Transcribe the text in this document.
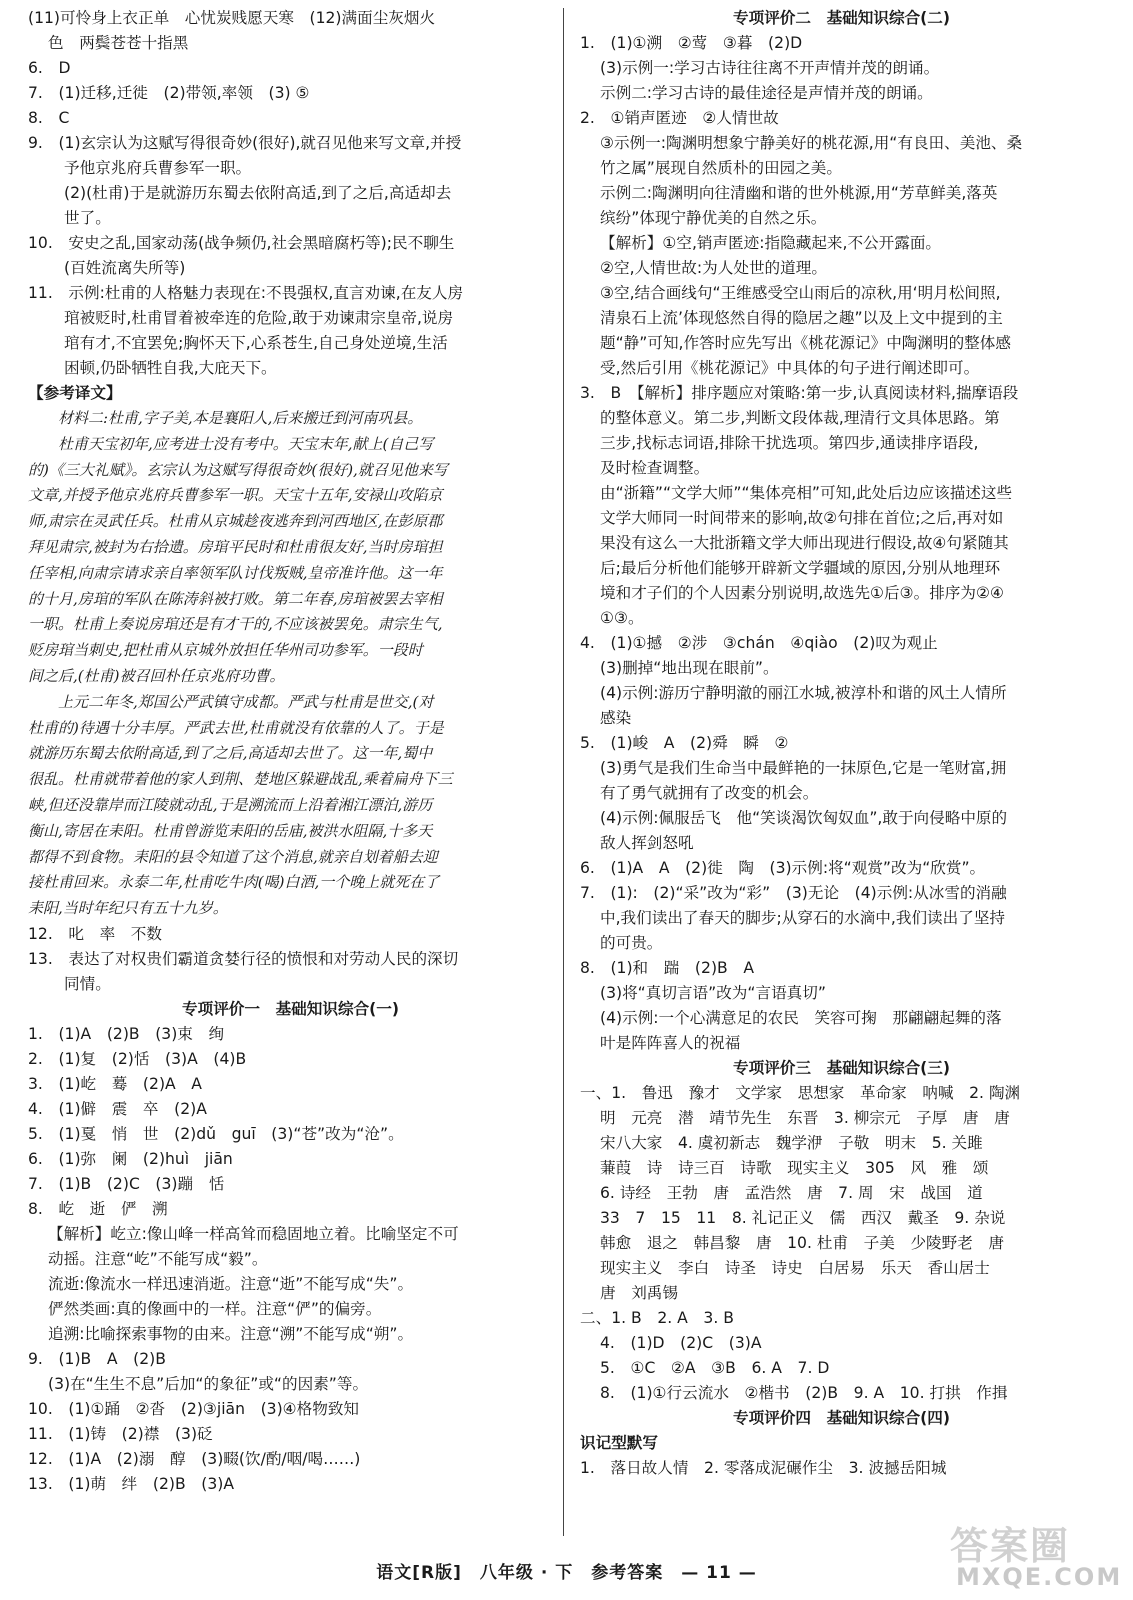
(11)可怜身上衣正单　心忧炭贱愿天寒　(12)满面尘灰烟火
色　两鬓苍苍十指黑
6.　D
7.　(1)迁移,迁徙　(2)带领,率领　(3) ⑤
8.　C
9.　(1)玄宗认为这赋写得很奇妙(很好),就召见他来写文章,并授
予他京兆府兵曹参军一职。
(2)(杜甫)于是就游历东蜀去依附高适,到了之后,高适却去
世了。
10.　安史之乱,国家动荡(战争频仍,社会黑暗腐朽等);民不聊生
(百姓流离失所等)
11.　示例:杜甫的人格魅力表现在:不畏强权,直言劝谏,在友人房
琯被贬时,杜甫冒着被牵连的危险,敢于劝谏肃宗皇帝,说房
琯有才,不宜罢免;胸怀天下,心系苍生,自己身处逆境,生活
困顿,仍卧牺牲自我,大庇天下。
【参考译文】
材料二:杜甫,字子美,本是襄阳人,后来搬迁到河南巩县。
杜甫天宝初年,应考进士没有考中。天宝末年,献上(自己写
的)《三大礼赋》。玄宗认为这赋写得很奇妙(很好),就召见他来写
文章,并授予他京兆府兵曹参军一职。天宝十五年,安禄山攻陷京
师,肃宗在灵武任兵。杜甫从京城趁夜逃奔到河西地区,在彭原郡
拜见肃宗,被封为右拾遗。房琯平民时和杜甫很友好,当时房琯担
任宰相,向肃宗请求亲自率领军队讨伐叛贼,皇帝准许他。这一年
的十月,房琯的军队在陈涛斜被打败。第二年春,房琯被罢去宰相
一职。杜甫上奏说房琯还是有才干的,不应该被罢免。肃宗生气,
贬房琯当刺史,把杜甫从京城外放担任华州司功参军。一段时
间之后,(杜甫)被召回朴任京兆府功曹。
上元二年冬,郑国公严武镇守成都。严武与杜甫是世交,(对
杜甫的)待遇十分丰厚。严武去世,杜甫就没有依靠的人了。于是
就游历东蜀去依附高适,到了之后,高适却去世了。这一年,蜀中
很乱。杜甫就带着他的家人到荆、楚地区躲避战乱,乘着扁舟下三
峡,但还没靠岸而江陵就动乱,于是溯流而上沿着湘江漂泊,游历
衡山,寄居在耒阳。杜甫曾游览耒阳的岳庙,被洪水阻隔,十多天
都得不到食物。耒阳的县令知道了这个消息,就亲自划着船去迎
接杜甫回来。永泰二年,杜甫吃牛肉(喝)白酒,一个晚上就死在了
耒阳,当时年纪只有五十九岁。
12.　叱　率　不数
13.　表达了对权贵们霸道贪婪行径的愤恨和对劳动人民的深切
同情。
专项评价一　基础知识综合(一)
1.　(1)A　(2)B　(3)束　绚
2.　(1)复　(2)恬　(3)A　(4)B
3.　(1)屹　蓦　(2)A　A
4.　(1)僻　震　卒　(2)A
5.　(1)戛　悄　世　(2)dǔ　guī　(3)“苍”改为“沧”。
6.　(1)弥　阑　(2)huì　jiān
7.　(1)B　(2)C　(3)蹦　恬
8.　屹　逝　俨　溯
【解析】屹立:像山峰一样高耸而稳固地立着。比喻坚定不可
动摇。注意“屹”不能写成“毅”。
流逝:像流水一样迅速消逝。注意“逝”不能写成“失”。
俨然类画:真的像画中的一样。注意“俨”的偏旁。
追溯:比喻探索事物的由来。注意“溯”不能写成“朔”。
9.　(1)B　A　(2)B
(3)在“生生不息”后加“的象征”或“的因素”等。
10.　(1)①踊　②沓　(2)③jiān　(3)④格物致知
11.　(1)铸　(2)襟　(3)砭
12.　(1)A　(2)溺　醇　(3)畷(饮/酌/咽/喝……)
13.　(1)萌　绊　(2)B　(3)A
专项评价二　基础知识综合(二)
1.　(1)①溯　②莺　③暮　(2)D
(3)示例一:学习古诗往往离不开声情并茂的朗诵。
示例二:学习古诗的最佳途径是声情并茂的朗诵。
2.　①销声匿迹　②人情世故
③示例一:陶渊明想象宁静美好的桃花源,用“有良田、美池、桑
竹之属”展现自然质朴的田园之美。
示例二:陶渊明向往清幽和谐的世外桃源,用“芳草鲜美,落英
缤纷”体现宁静优美的自然之乐。
【解析】①空,销声匿迹:指隐藏起来,不公开露面。
②空,人情世故:为人处世的道理。
③空,结合画线句“王维感受空山雨后的凉秋,用‘明月松间照,
清泉石上流’体现悠然自得的隐居之趣”以及上文中提到的主
题“静”可知,作答时应先写出《桃花源记》中陶渊明的整体感
受,然后引用《桃花源记》中具体的句子进行阐述即可。
3.　B　【解析】排序题应对策略:第一步,认真阅读材料,揣摩语段
的整体意义。第二步,判断文段体裁,理清行文具体思路。第
三步,找标志词语,排除干扰选项。第四步,通读排序语段,
及时检查调整。
由“浙籍”“文学大师”“集体亮相”可知,此处后边应该描述这些
文学大师同一时间带来的影响,故②句排在首位;之后,再对如
果没有这么一大批浙籍文学大师出现进行假设,故④句紧随其
后;最后分析他们能够开辟新文学疆域的原因,分别从地理环
境和才子们的个人因素分别说明,故选先①后③。排序为②④
①③。
4.　(1)①撼　②涉　③chán　④qiào　(2)叹为观止
(3)删掉“地出现在眼前”。
(4)示例:游历宁静明澈的丽江水城,被淳朴和谐的风土人情所
感染
5.　(1)峻　A　(2)舜　瞬　②
(3)勇气是我们生命当中最鲜艳的一抹原色,它是一笔财富,拥
有了勇气就拥有了改变的机会。
(4)示例:佩服岳飞　他“笑谈渴饮匈奴血”,敢于向侵略中原的
敌人挥剑怒吼
6.　(1)A　A　(2)徙　陶　(3)示例:将“观赏”改为“欣赏”。
7.　(1):　(2)“采”改为“彩”　(3)无论　(4)示例:从冰雪的消融
中,我们读出了春天的脚步;从穿石的水滴中,我们读出了坚持
的可贵。
8.　(1)和　踹　(2)B　A
(3)将“真切言语”改为“言语真切”
(4)示例:一个心满意足的农民　笑容可掬　那翩翩起舞的落
叶是阵阵喜人的祝福
专项评价三　基础知识综合(三)
一、1.　鲁迅　豫才　文学家　思想家　革命家　呐喊　2. 陶渊
明　元亮　潜　靖节先生　东晋　3. 柳宗元　子厚　唐　唐
宋八大家　4. 虞初新志　魏学洢　子敬　明末　5. 关雎
蒹葭　诗　诗三百　诗歌　现实主义　305　风　雅　颂
6. 诗经　王勃　唐　孟浩然　唐　7. 周　宋　战国　道
33　7　15　11　8. 礼记正义　儒　西汉　戴圣　9. 杂说
韩愈　退之　韩昌黎　唐　10. 杜甫　子美　少陵野老　唐
现实主义　李白　诗圣　诗史　白居易　乐天　香山居士
唐　刘禹锡
二、1. B　2. A　3. B
4.　(1)D　(2)C　(3)A
5.　①C　②A　③B　6. A　7. D
8.　(1)①行云流水　②楷书　(2)B　9. A　10. 打拱　作揖
专项评价四　基础知识综合(四)
识记型默写
1.　落日故人情　2. 零落成泥碾作尘　3. 波撼岳阳城
语文[R版]　八年级 · 下　参考答案　— 11 —
答案圈
MXQE.COM
